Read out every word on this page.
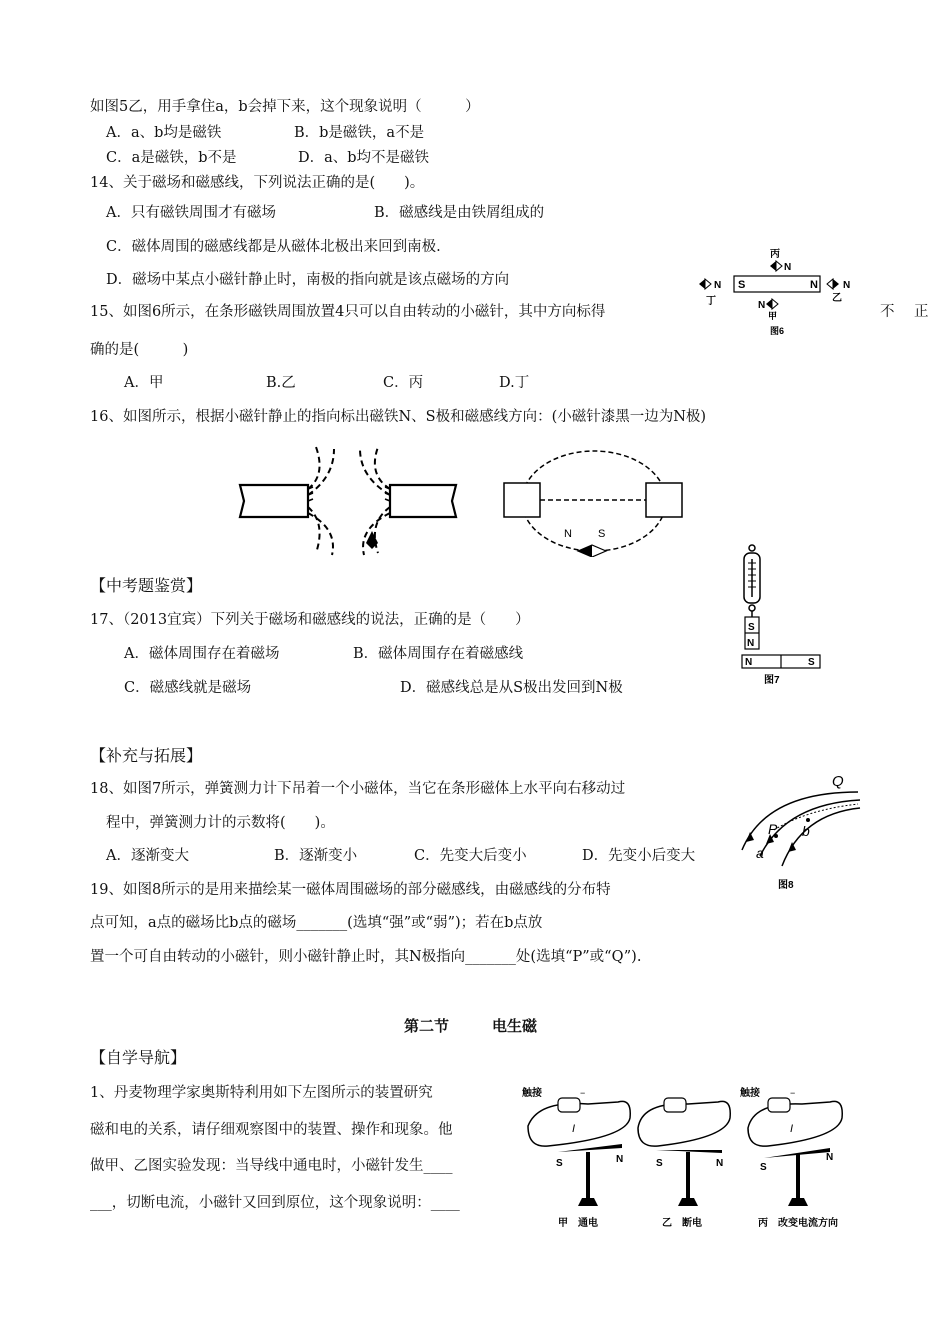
如图5乙，用手拿住a，b会掉下来，这个现象说明（　　　）
A．a、b均是磁铁	B．b是磁铁，a不是
C．a是磁铁，b不是	D．a、b均不是磁铁
14、关于磁场和磁感线，下列说法正确的是(　　)。
A．只有磁铁周围才有磁场	B．磁感线是由铁屑组成的
C．磁体周围的磁感线都是从磁体北极出来回到南极.
D．磁场中某点小磁针静止时，南极的指向就是该点磁场的方向
丙
N
S	N
N
丁
N
乙
N
甲
图6
15、如图6所示，在条形磁铁周围放置4只可以自由转动的小磁针，其中方向标得	不 正
确的是(　　　)
A．甲	B.乙	C．丙	D.丁
16、如图所示，根据小磁针静止的指向标出磁铁N、S极和磁感线方向：(小磁针漆黑一边为N极)
N S
S
N
N	S
图7
【中考题鉴赏】
17、（2013宜宾）下列关于磁场和磁感线的说法，正确的是（　　）
A．磁体周围存在着磁场	B．磁体周围存在着磁感线
C．磁感线就是磁场	D．磁感线总是从S极出发回到N极
【补充与拓展】
18、如图7所示，弹簧测力计下吊着一个小磁体，当它在条形磁体上水平向右移动过
程中，弹簧测力计的示数将(　　)。
A．逐渐变大	B．逐渐变小	C．先变大后变小	D．先变小后变大
Q
P b
a
图8
19、如图8所示的是用来描绘某一磁体周围磁场的部分磁感线，由磁感线的分布特
点可知，a点的磁场比b点的磁场_______(选填“强”或“弱”)；若在b点放
置一个可自由转动的小磁针，则小磁针静止时，其N极指向_______处(选填“P”或“Q”).
第二节	电生磁
【自学导航】
1、丹麦物理学家奥斯特利用如下左图所示的装置研究
磁和电的关系，请仔细观察图中的装置、操作和现象。他
做甲、乙图实验发现：当导线中通电时，小磁针发生____
___，切断电流，小磁针又回到原位，这个现象说明：____
触接	−
I
S	N
甲　通电
S	N
乙　断电
触接	−
I
S
N
丙　改变电流方向
